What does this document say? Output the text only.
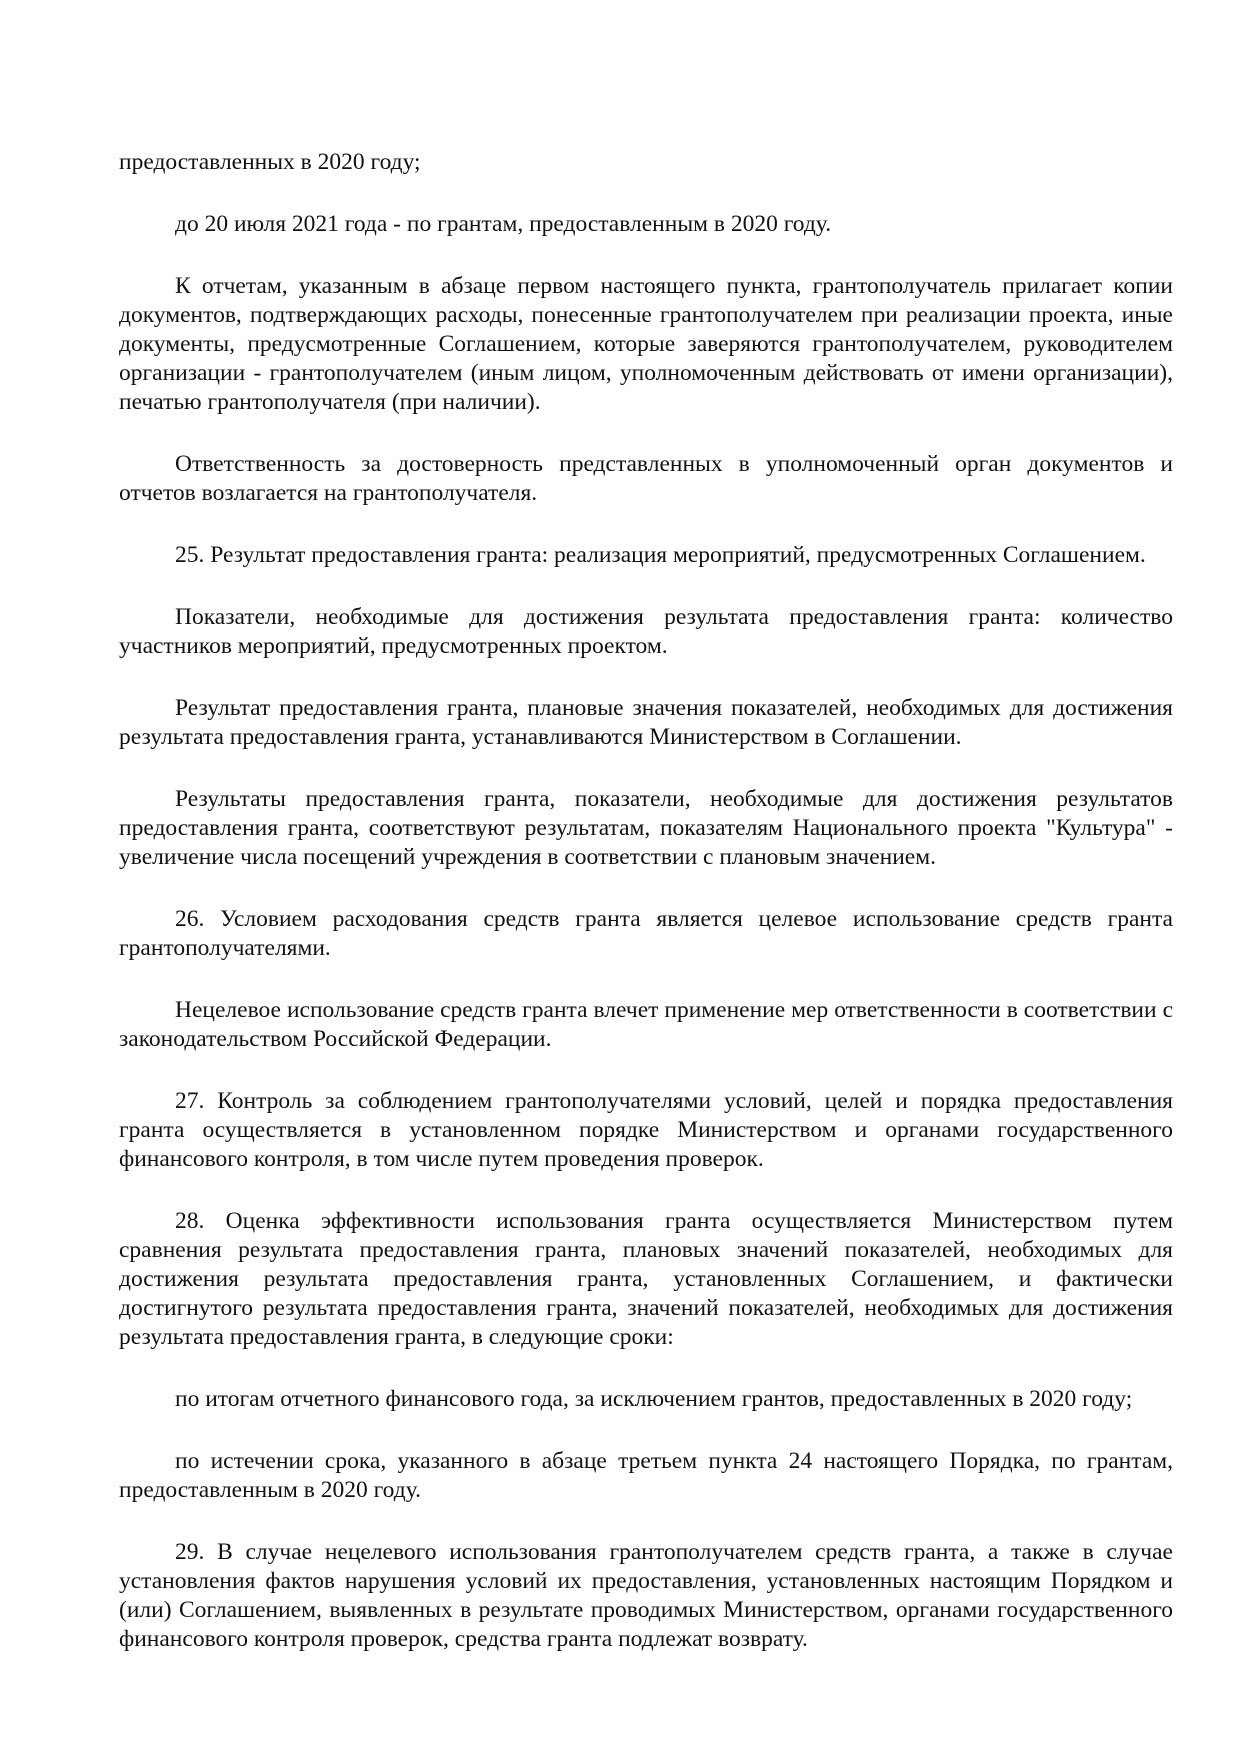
предоставленных в 2020 году;

до 20 июля 2021 года - по грантам, предоставленным в 2020 году.

К отчетам, указанным в абзаце первом настоящего пункта, грантополучатель прилагает копии документов, подтверждающих расходы, понесенные грантополучателем при реализации проекта, иные документы, предусмотренные Соглашением, которые заверяются грантополучателем, руководителем организации - грантополучателем (иным лицом, уполномоченным действовать от имени организации), печатью грантополучателя (при наличии).

Ответственность за достоверность представленных в уполномоченный орган документов и отчетов возлагается на грантополучателя.

25. Результат предоставления гранта: реализация мероприятий, предусмотренных Соглашением.

Показатели, необходимые для достижения результата предоставления гранта: количество участников мероприятий, предусмотренных проектом.

Результат предоставления гранта, плановые значения показателей, необходимых для достижения результата предоставления гранта, устанавливаются Министерством в Соглашении.

Результаты предоставления гранта, показатели, необходимые для достижения результатов предоставления гранта, соответствуют результатам, показателям Национального проекта "Культура" - увеличение числа посещений учреждения в соответствии с плановым значением.

26. Условием расходования средств гранта является целевое использование средств гранта грантополучателями.

Нецелевое использование средств гранта влечет применение мер ответственности в соответствии с законодательством Российской Федерации.

27. Контроль за соблюдением грантополучателями условий, целей и порядка предоставления гранта осуществляется в установленном порядке Министерством и органами государственного финансового контроля, в том числе путем проведения проверок.

28. Оценка эффективности использования гранта осуществляется Министерством путем сравнения результата предоставления гранта, плановых значений показателей, необходимых для достижения результата предоставления гранта, установленных Соглашением, и фактически достигнутого результата предоставления гранта, значений показателей, необходимых для достижения результата предоставления гранта, в следующие сроки:

по итогам отчетного финансового года, за исключением грантов, предоставленных в 2020 году;

по истечении срока, указанного в абзаце третьем пункта 24 настоящего Порядка, по грантам, предоставленным в 2020 году.

29. В случае нецелевого использования грантополучателем средств гранта, а также в случае установления фактов нарушения условий их предоставления, установленных настоящим Порядком и (или) Соглашением, выявленных в результате проводимых Министерством, органами государственного финансового контроля проверок, средства гранта подлежат возврату.
